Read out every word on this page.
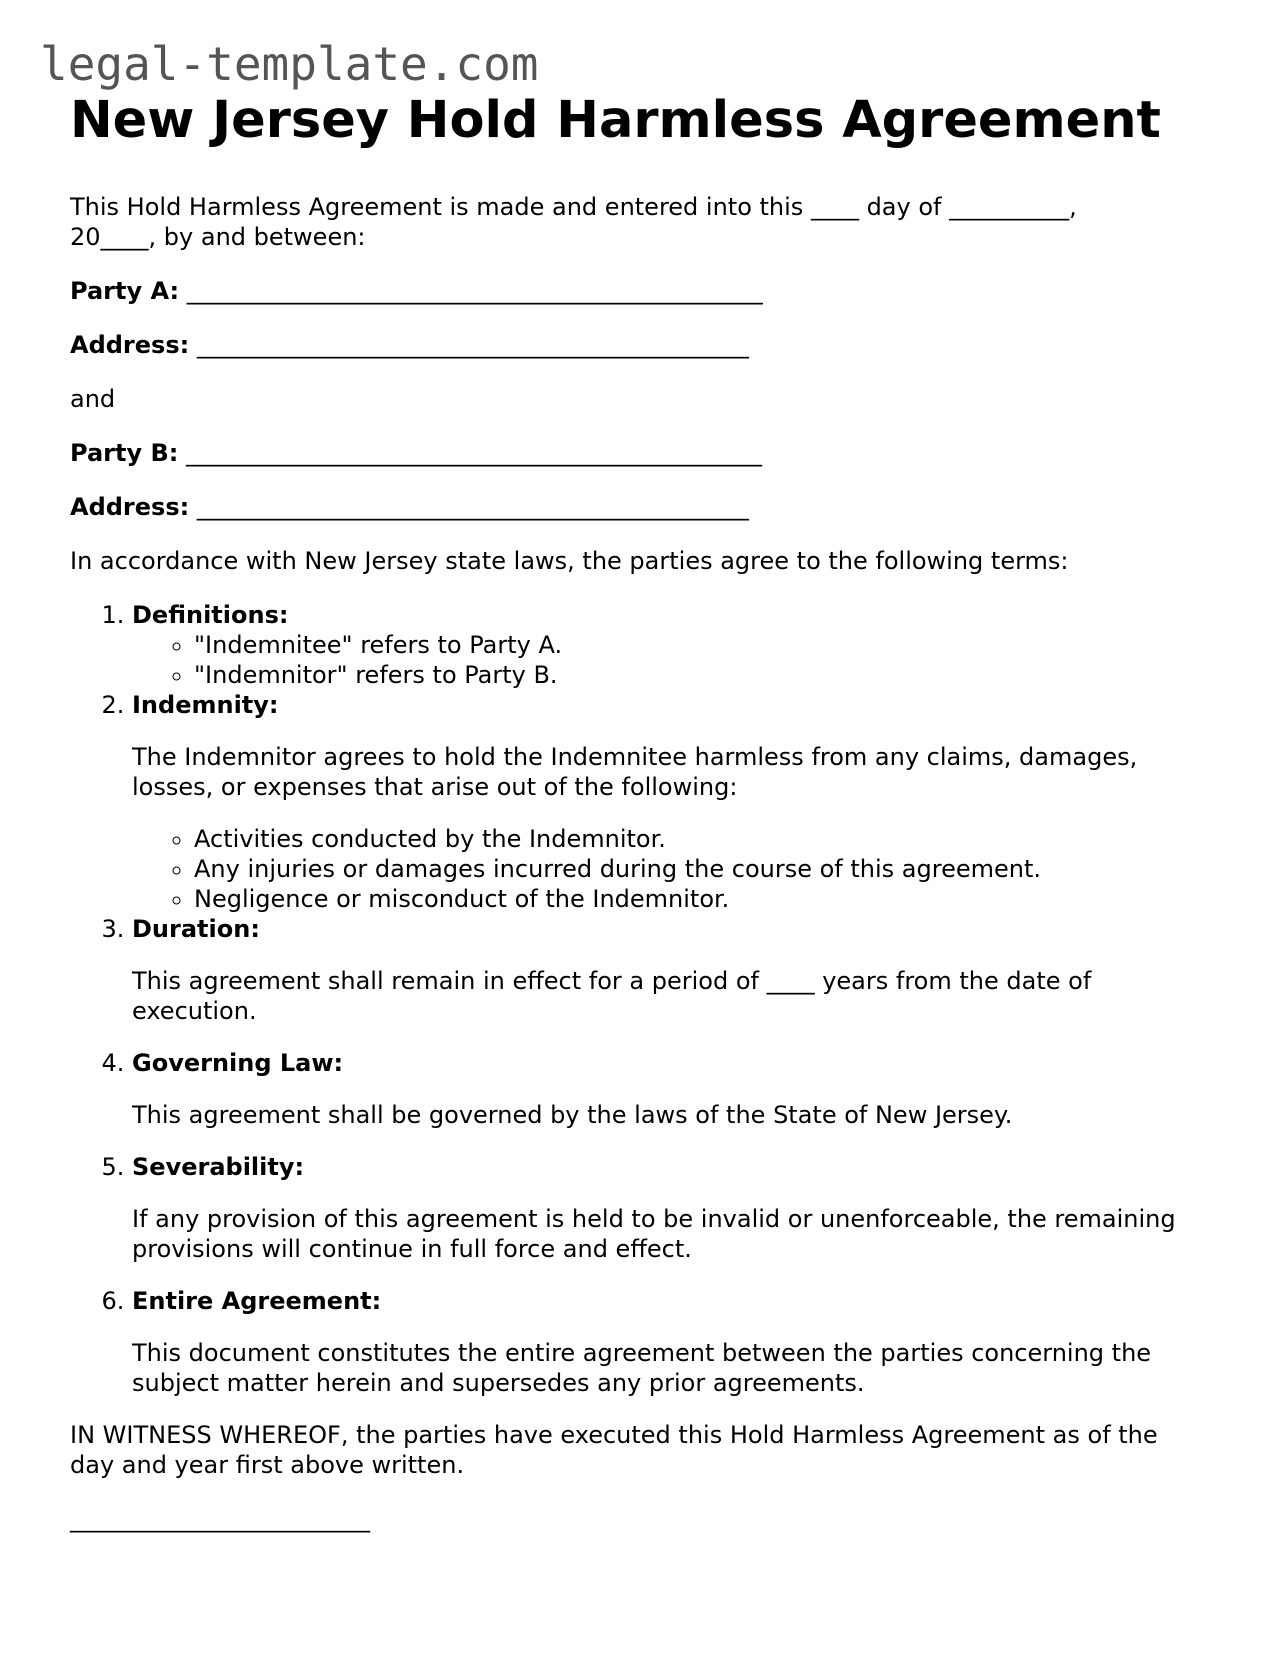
legal-template.com
New Jersey Hold Harmless Agreement

This Hold Harmless Agreement is made and entered into this ____ day of __________, 20____, by and between:

Party A: ________________________________________________

Address: ______________________________________________

and

Party B: ________________________________________________

Address: ______________________________________________

In accordance with New Jersey state laws, the parties agree to the following terms:

1. Definitions:
◦ "Indemnitee" refers to Party A.
◦ "Indemnitor" refers to Party B.
2. Indemnity:

The Indemnitor agrees to hold the Indemnitee harmless from any claims, damages, losses, or expenses that arise out of the following:

◦ Activities conducted by the Indemnitor.
◦ Any injuries or damages incurred during the course of this agreement.
◦ Negligence or misconduct of the Indemnitor.
3. Duration:

This agreement shall remain in effect for a period of ____ years from the date of execution.

4. Governing Law:

This agreement shall be governed by the laws of the State of New Jersey.

5. Severability:

If any provision of this agreement is held to be invalid or unenforceable, the remaining provisions will continue in full force and effect.

6. Entire Agreement:

This document constitutes the entire agreement between the parties concerning the subject matter herein and supersedes any prior agreements.

IN WITNESS WHEREOF, the parties have executed this Hold Harmless Agreement as of the day and year first above written.

_________________________
